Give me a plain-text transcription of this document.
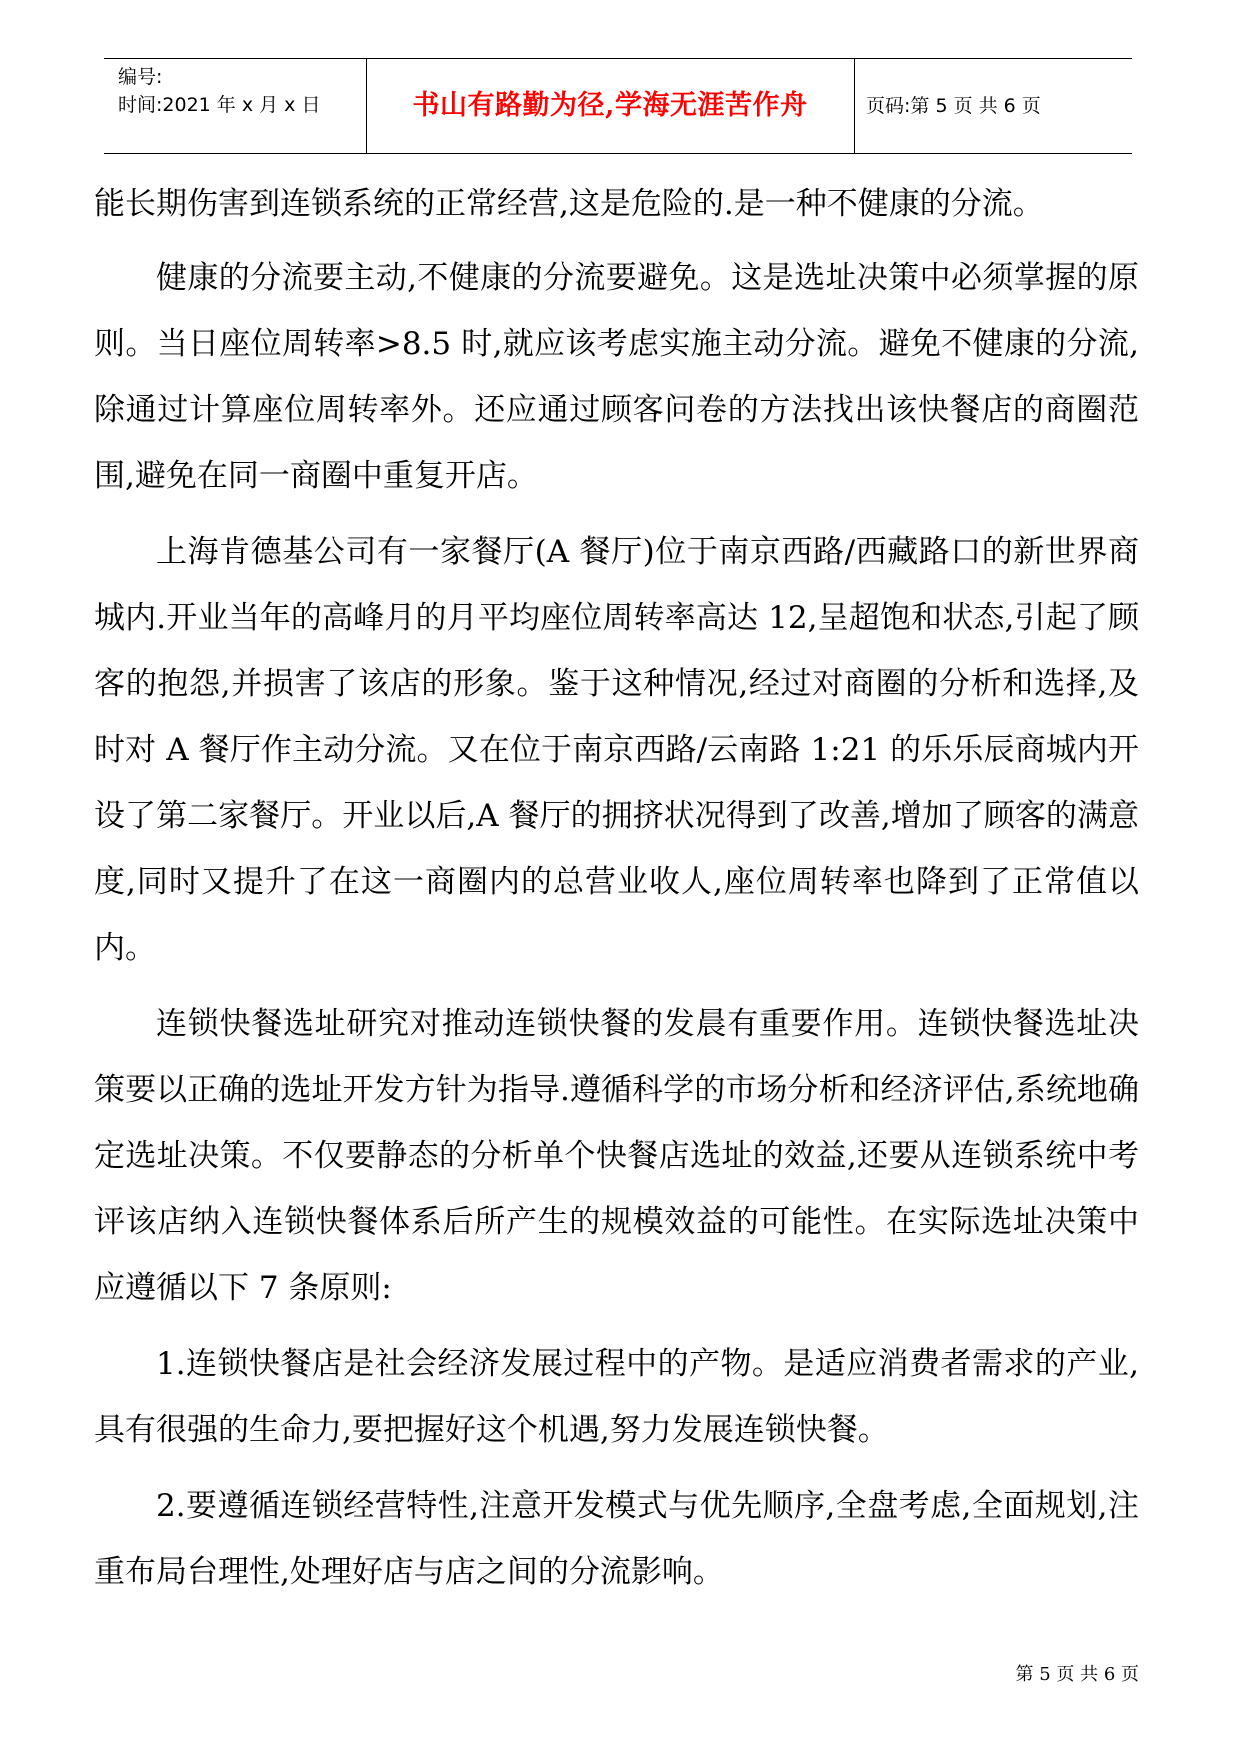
编号:
时间:2021 年 x 月 x 日	书山有路勤为径,学海无涯苦作舟	页码:第 5 页 共 6 页

能长期伤害到连锁系统的正常经营,这是危险的.是一种不健康的分流。

健康的分流要主动,不健康的分流要避免。这是选址决策中必须掌握的原则。当日座位周转率>8.5 时,就应该考虑实施主动分流。避免不健康的分流,除通过计算座位周转率外。还应通过顾客问卷的方法找出该快餐店的商圈范围,避免在同一商圈中重复开店。

上海肯德基公司有一家餐厅(A 餐厅)位于南京西路/西藏路口的新世界商城内.开业当年的高峰月的月平均座位周转率高达 12,呈超饱和状态,引起了顾客的抱怨,并损害了该店的形象。鉴于这种情况,经过对商圈的分析和选择,及时对 A 餐厅作主动分流。又在位于南京西路/云南路 1:21 的乐乐辰商城内开设了第二家餐厅。开业以后,A 餐厅的拥挤状况得到了改善,增加了顾客的满意度,同时又提升了在这一商圈内的总营业收人,座位周转率也降到了正常值以内。

连锁快餐选址研究对推动连锁快餐的发晨有重要作用。连锁快餐选址决策要以正确的选址开发方针为指导.遵循科学的市场分析和经济评估,系统地确定选址决策。不仅要静态的分析单个快餐店选址的效益,还要从连锁系统中考评该店纳入连锁快餐体系后所产生的规模效益的可能性。在实际选址决策中应遵循以下 7 条原则:

1.连锁快餐店是社会经济发展过程中的产物。是适应消费者需求的产业,具有很强的生命力,要把握好这个机遇,努力发展连锁快餐。

2.要遵循连锁经营特性,注意开发模式与优先顺序,全盘考虑,全面规划,注重布局台理性,处理好店与店之间的分流影响。

第 5 页 共 6 页
